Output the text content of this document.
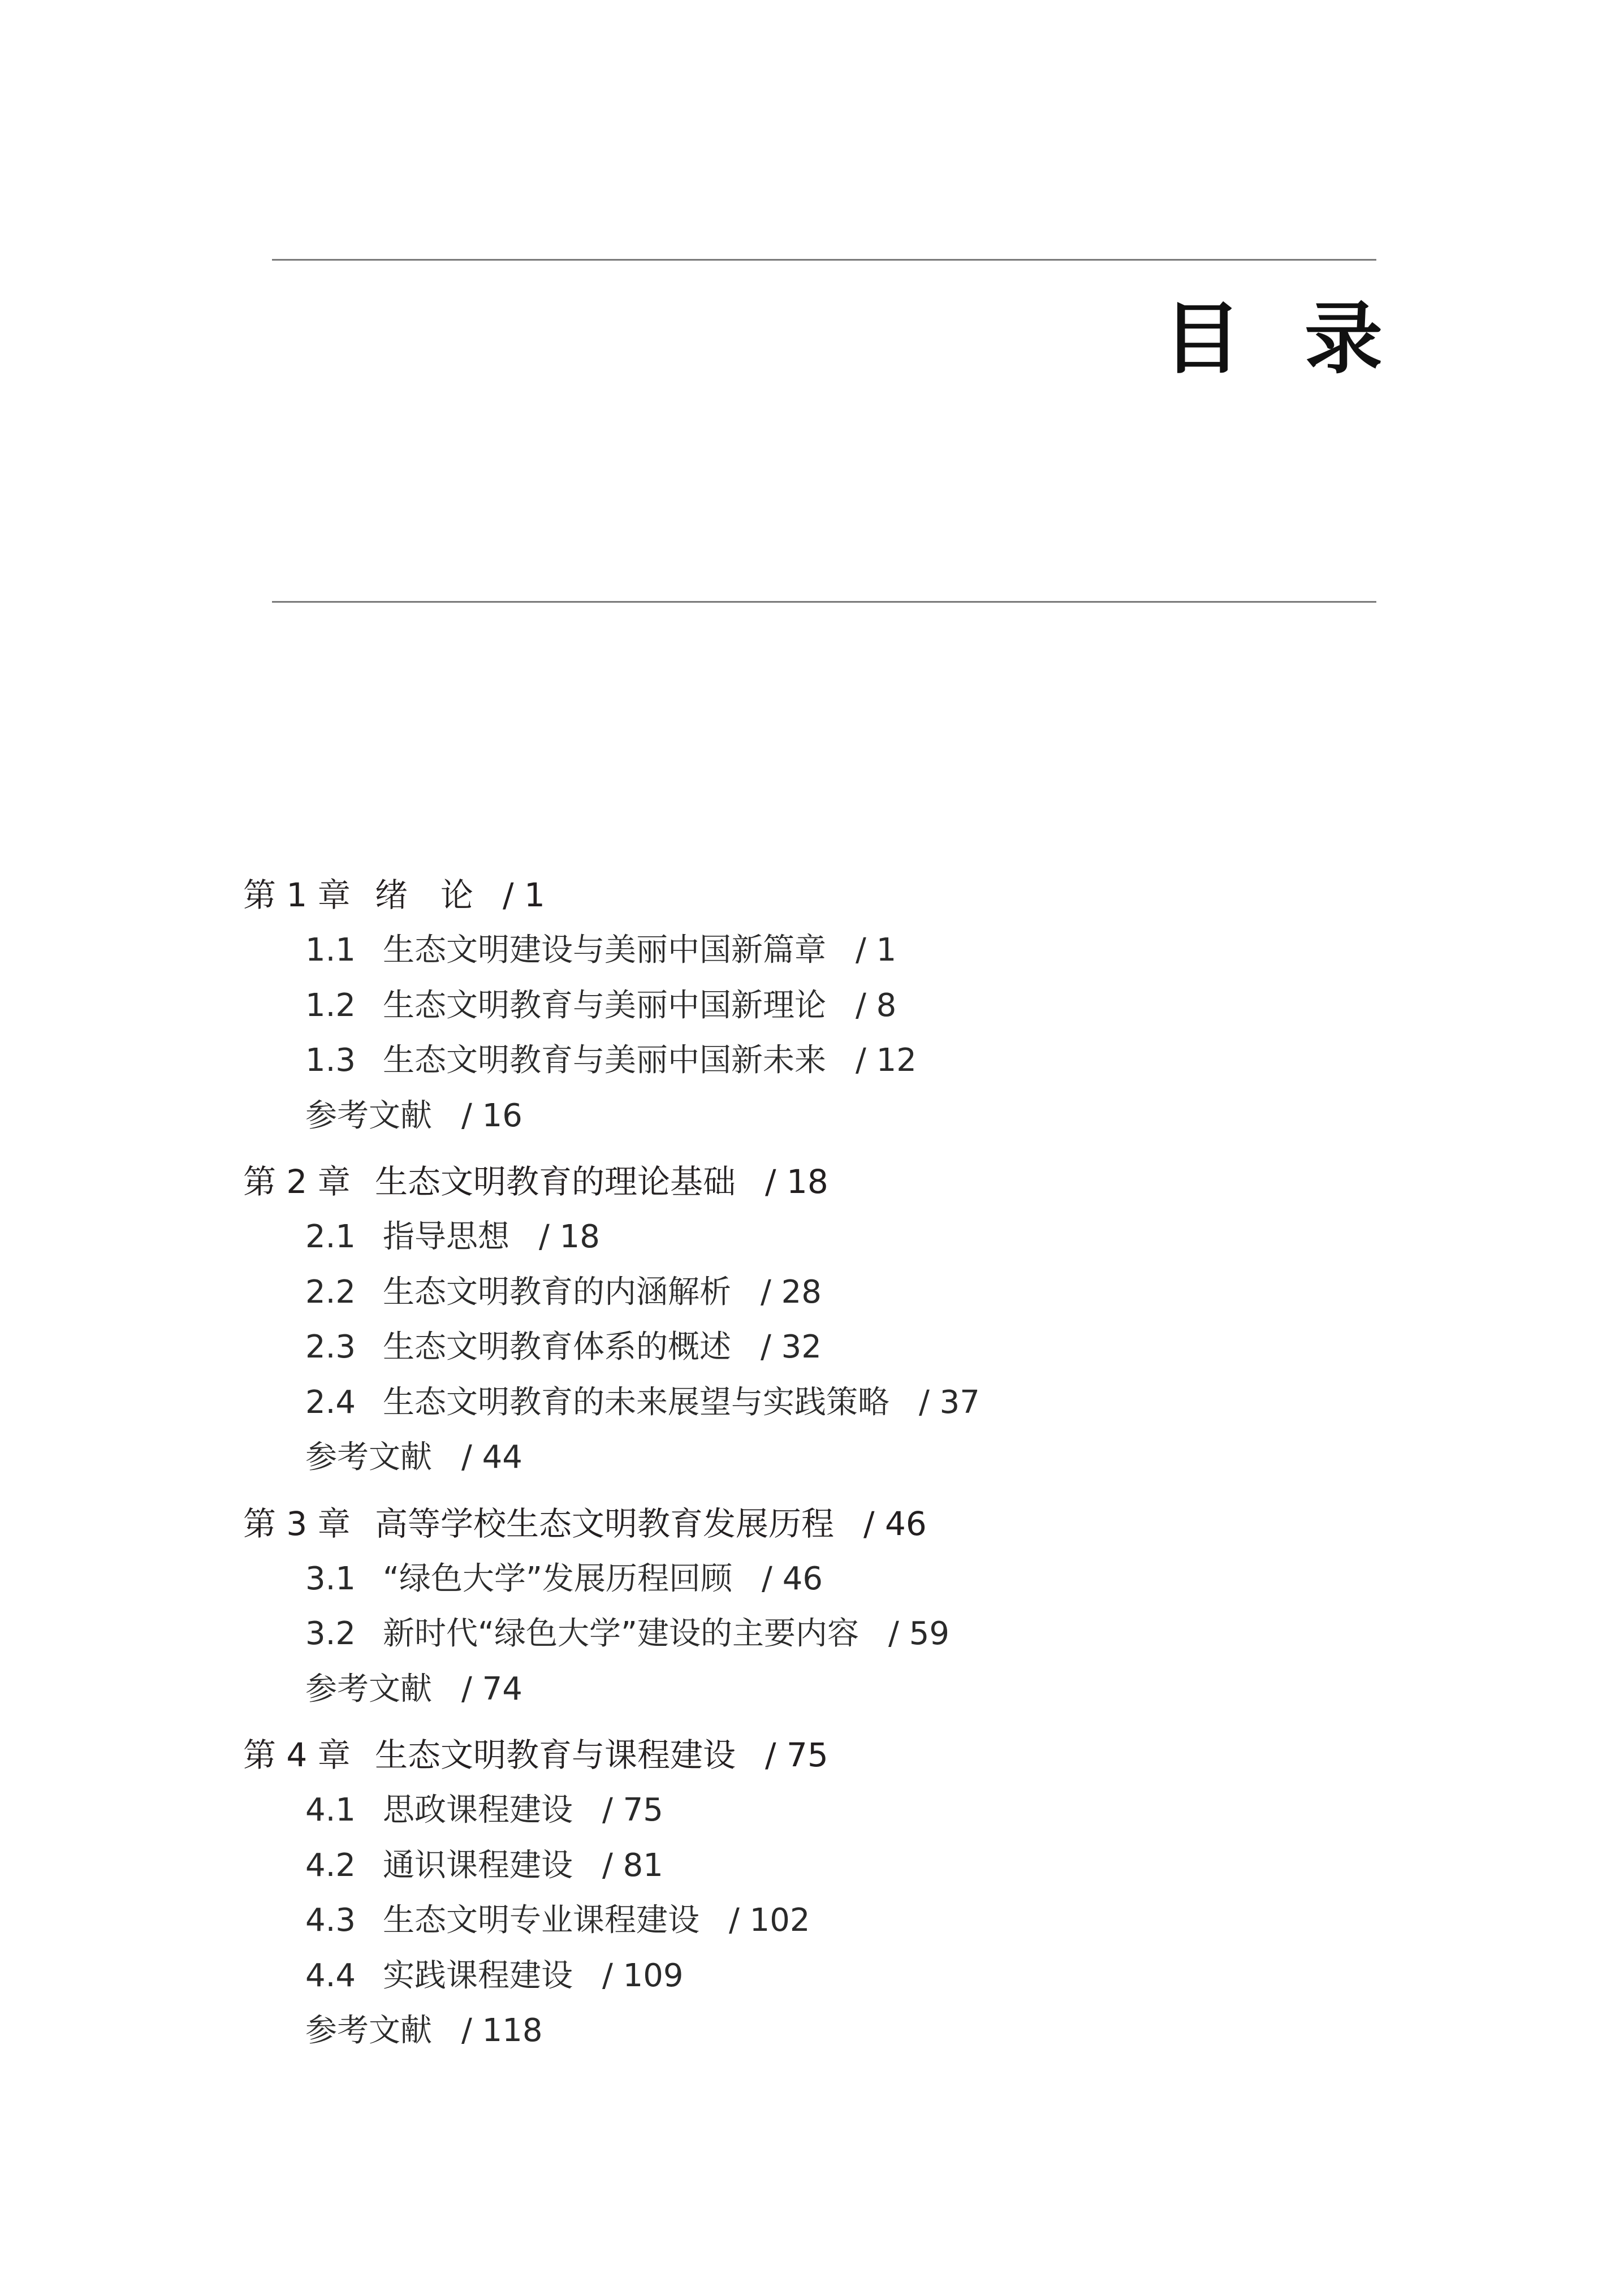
目 录
第 1 章 绪　论 / 1
1.1 生态文明建设与美丽中国新篇章 / 1
1.2 生态文明教育与美丽中国新理论 / 8
1.3 生态文明教育与美丽中国新未来 / 12
参考文献 / 16
第 2 章 生态文明教育的理论基础 / 18
2.1 指导思想 / 18
2.2 生态文明教育的内涵解析 / 28
2.3 生态文明教育体系的概述 / 32
2.4 生态文明教育的未来展望与实践策略 / 37
参考文献 / 44
第 3 章 高等学校生态文明教育发展历程 / 46
3.1 “绿色大学”发展历程回顾 / 46
3.2 新时代“绿色大学”建设的主要内容 / 59
参考文献 / 74
第 4 章 生态文明教育与课程建设 / 75
4.1 思政课程建设 / 75
4.2 通识课程建设 / 81
4.3 生态文明专业课程建设 / 102
4.4 实践课程建设 / 109
参考文献 / 118
